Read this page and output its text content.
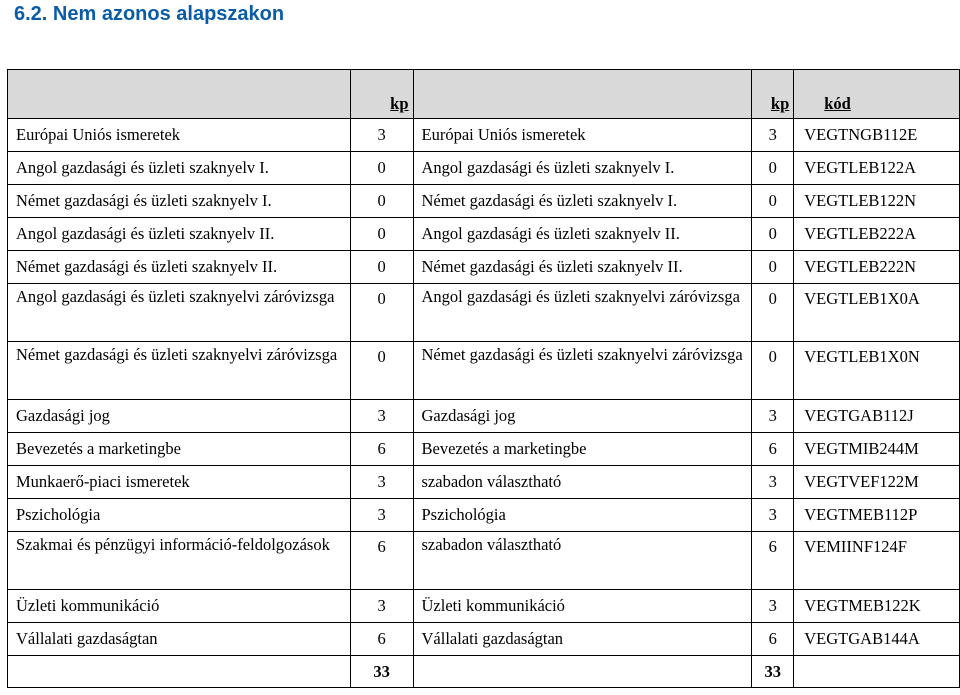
6.2. Nem azonos alapszakon
	kp		kp	kód
Európai Uniós ismeretek	3	Európai Uniós ismeretek	3	VEGTNGB112E
Angol gazdasági és üzleti szaknyelv I.	0	Angol gazdasági és üzleti szaknyelv I.	0	VEGTLEB122A
Német gazdasági és üzleti szaknyelv I.	0	Német gazdasági és üzleti szaknyelv I.	0	VEGTLEB122N
Angol gazdasági és üzleti szaknyelv II.	0	Angol gazdasági és üzleti szaknyelv II.	0	VEGTLEB222A
Német gazdasági és üzleti szaknyelv II.	0	Német gazdasági és üzleti szaknyelv II.	0	VEGTLEB222N
Angol gazdasági és üzleti szaknyelvi záróvizsga	0	Angol gazdasági és üzleti szaknyelvi záróvizsga	0	VEGTLEB1X0A
Német gazdasági és üzleti szaknyelvi záróvizsga	0	Német gazdasági és üzleti szaknyelvi záróvizsga	0	VEGTLEB1X0N
Gazdasági jog	3	Gazdasági jog	3	VEGTGAB112J
Bevezetés a marketingbe	6	Bevezetés a marketingbe	6	VEGTMIB244M
Munkaerő-piaci ismeretek	3	szabadon választható	3	VEGTVEF122M
Pszichológia	3	Pszichológia	3	VEGTMEB112P
Szakmai és pénzügyi információ-feldolgozások	6	szabadon választható	6	VEMIINF124F
Üzleti kommunikáció	3	Üzleti kommunikáció	3	VEGTMEB122K
Vállalati gazdaságtan	6	Vállalati gazdaságtan	6	VEGTGAB144A
	33		33	
